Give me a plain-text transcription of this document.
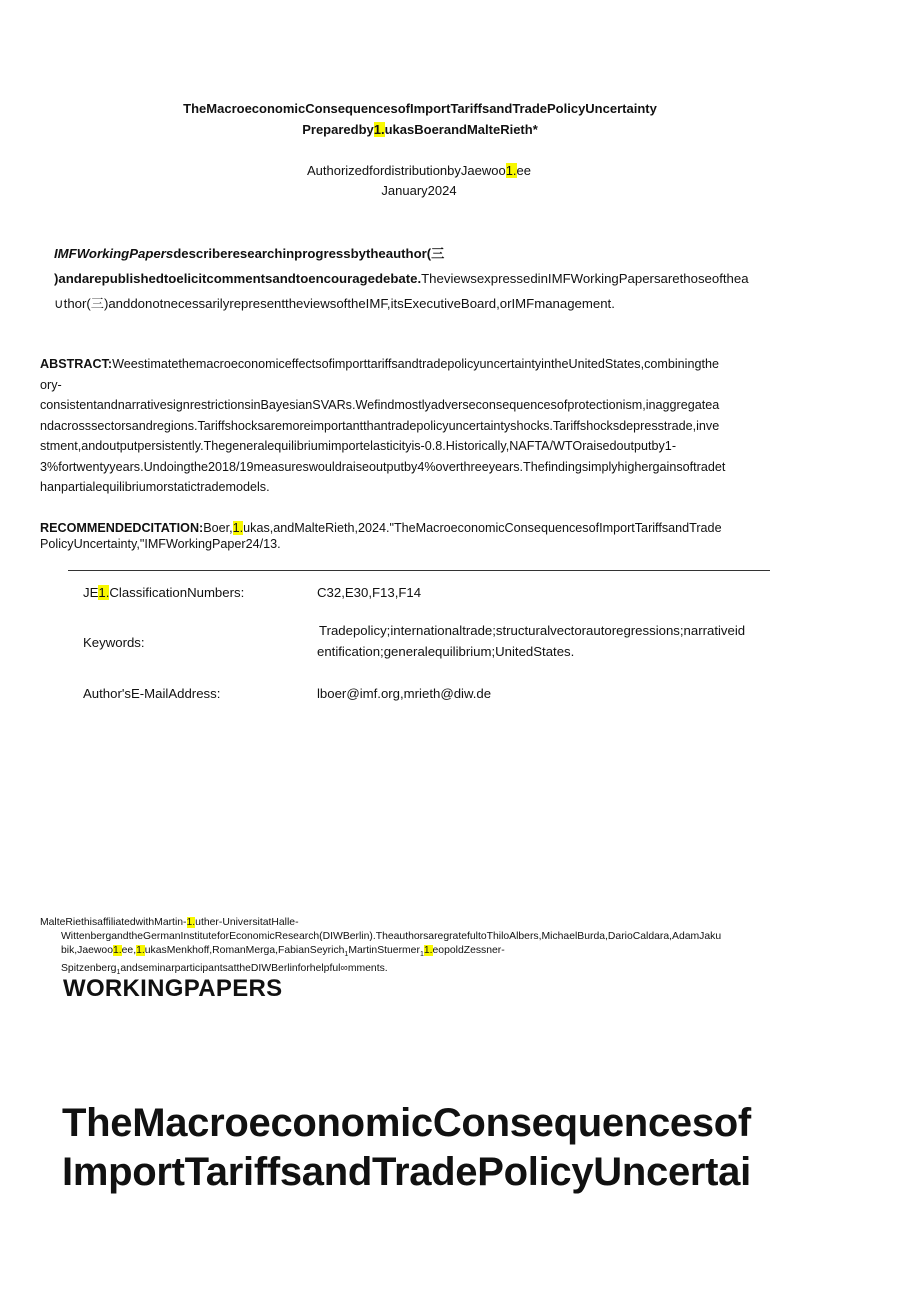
TheMacroeconomicConsequencesofImportTariffsandTradePolicyUncertainty
Preparedby1.ukasBoerandMalteRieth*
AuthorizedfordistributionbyJaewoo1.ee
January2024
IMFWorkingPapersdescriberesearchinprogressbytheauthor(三
)andarepublishedtoelicitcommentsandtoencouragedebate.TheviewsexpressedinIMFWorkingPapersarethoseofthea
∪thor(三)anddonotnecessarilyrepresenttheviewsoftheIMF,itsExecutiveBoard,orIMFmanagement.
ABSTRACT:WeestimatethemacroeconomiceffectsofimporttariffsandtradepolicyuncertaintyintheUnitedStates,combiningthe
ory-
consistentandnarrativesignrestrictionsinBayesianSVARs.Wefindmostlyadverseconsequencesofprotectionism,inaggregatea
ndacrosssectorsandregions.Tariffshocksaremoreimportantthantradepolicyuncertaintyshocks.Tariffshocksdepresstrade,inve
stment,andoutputpersistently.Thegeneralequilibriumimportelasticityis-0.8.Historically,NAFTA/WTOraisedoutputby1-
3%fortwentyyears.Undoingthe2018/19measureswouldraiseoutputby4%overthreeyears.Thefindingsimplyhighergainsoftradet
hanpartialequilibriumorstatictrademodels.
RECOMMENDEDCITATION:Boer,1.ukas,andMalteRieth,2024."TheMacroeconomicConsequencesofImportTariffsandTrade
PolicyUncertainty,"IMFWorkingPaper24/13.
JE1.ClassificationNumbers:	C32,E30,F13,F14
Keywords:
Tradepolicy;internationaltrade;structuralvectorautoregressions;narrativeid
entification;generalequilibrium;UnitedStates.
Author'sE-MailAddress:	lboer@imf.org,mrieth@diw.de
MalteRiethisaffiliatedwithMartin-1.uther-UniversitatHalle-
WittenbergandtheGermanInstituteforEconomicResearch(DIWBerlin).TheauthorsaregratefultoThiloAlbers,MichaelBurda,DarioCaldara,AdamJaku
bik,Jaewoo1.ee,1.ukasMenkhoff,RomanMerga,FabianSeyrich$_1$MartinStuermer$_1$1.eopoldZessner-
Spitzenberg$_1$andseminarparticipantsattheDIWBerlinforhelpful∞mments.
WORKINGPAPERS
TheMacroeconomicConsequencesof
ImportTariffsandTradePolicyUncertai
